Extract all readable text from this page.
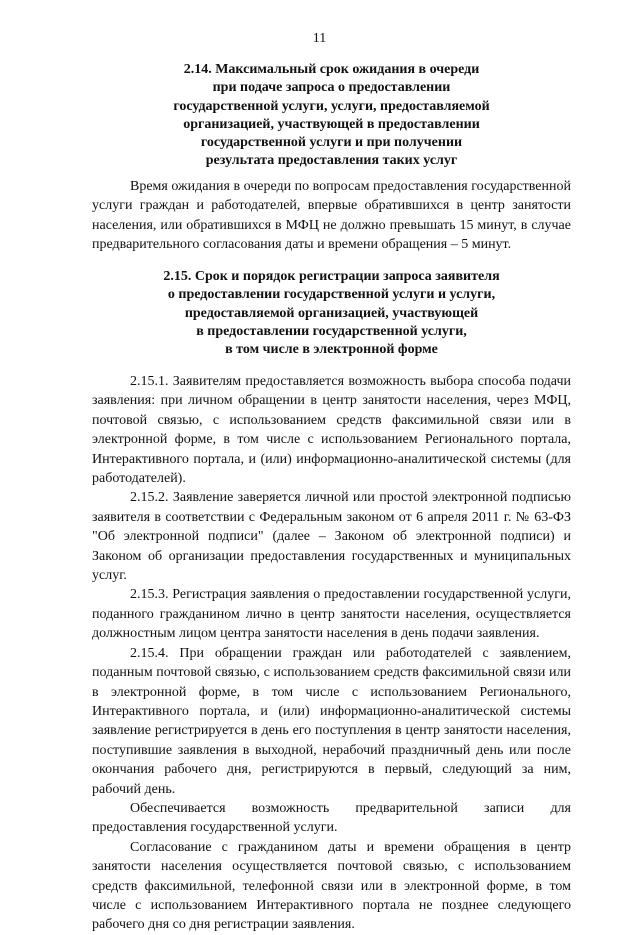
11

2.14. Максимальный срок ожидания в очереди

при подаче запроса о предоставлении

государственной услуги, услуги, предоставляемой

организацией, участвующей в предоставлении

государственной услуги и при получении

результата предоставления таких услуг

Время ожидания в очереди по вопросам предоставления государственной услуги граждан и работодателей, впервые обратившихся в центр занятости населения, или обратившихся в МФЦ не должно превышать 15 минут, в случае предварительного согласования даты и времени обращения – 5 минут.

2.15. Срок и порядок регистрации запроса заявителя

о предоставлении государственной услуги и услуги,

предоставляемой организацией, участвующей

в предоставлении государственной услуги,

в том числе в электронной форме

2.15.1. Заявителям предоставляется возможность выбора способа подачи заявления: при личном обращении в центр занятости населения, через МФЦ, почтовой связью, с использованием средств факсимильной связи или в электронной форме, в том числе с использованием Регионального портала, Интерактивного портала, и (или) информационно-аналитической системы (для работодателей).

2.15.2. Заявление заверяется личной или простой электронной подписью заявителя в соответствии с Федеральным законом от 6 апреля 2011 г. № 63-ФЗ "Об электронной подписи" (далее – Законом об электронной подписи) и Законом об организации предоставления государственных и муниципальных услуг.

2.15.3. Регистрация заявления о предоставлении государственной услуги, поданного гражданином лично в центр занятости населения, осуществляется должностным лицом центра занятости населения в день подачи заявления.

2.15.4. При обращении граждан или работодателей с заявлением, поданным почтовой связью, с использованием средств факсимильной связи или в электронной форме, в том числе с использованием Регионального, Интерактивного портала, и (или) информационно-аналитической системы заявление регистрируется в день его поступления в центр занятости населения, поступившие заявления в выходной, нерабочий праздничный день или после окончания рабочего дня, регистрируются в первый, следующий за ним, рабочий день.

Обеспечивается возможность предварительной записи для предоставления государственной услуги.

Согласование с гражданином даты и времени обращения в центр занятости населения осуществляется почтовой связью, с использованием средств факсимильной, телефонной связи или в электронной форме, в том числе с использованием Интерактивного портала не позднее следующего рабочего дня со дня регистрации заявления.
